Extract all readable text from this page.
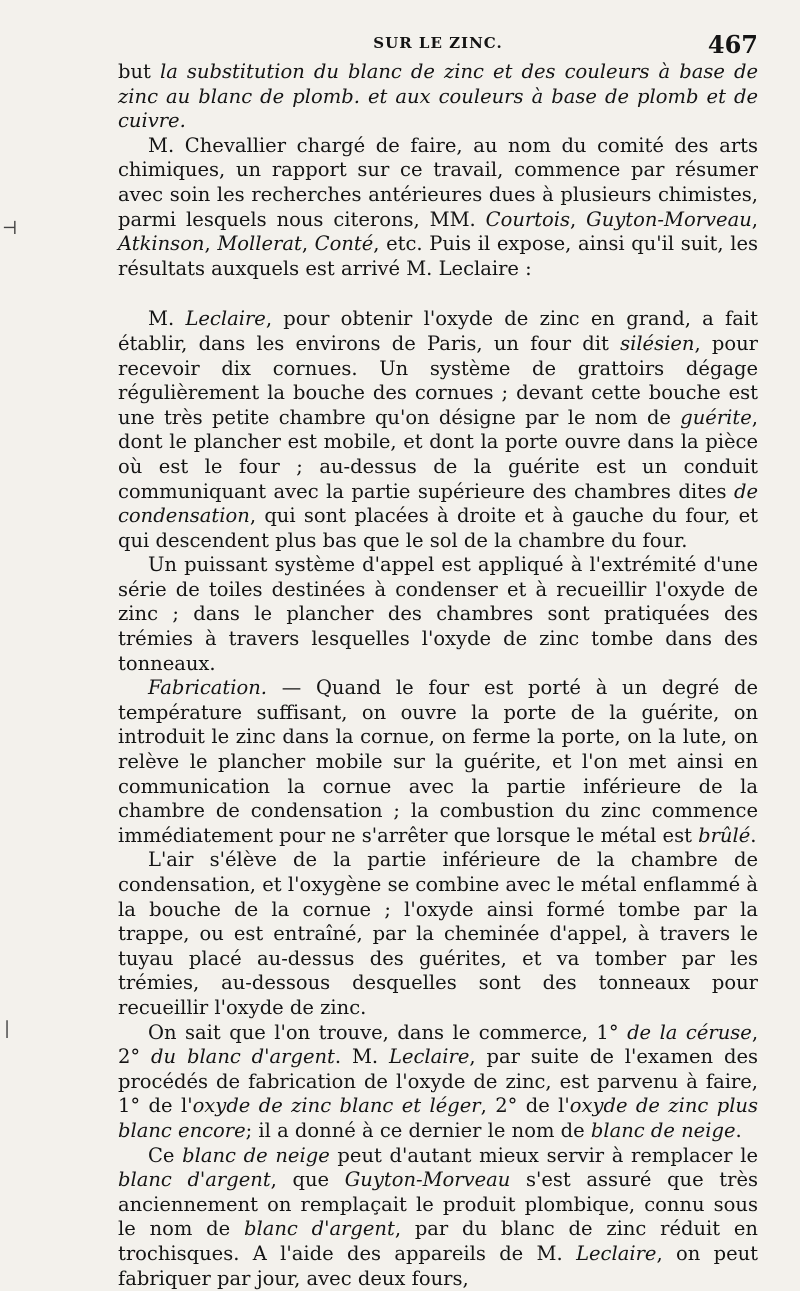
SUR LE ZINC.	467

but la substitution du blanc de zinc et des couleurs à base de zinc au blanc de plomb. et aux couleurs à base de plomb et de cuivre.

M. Chevallier chargé de faire, au nom du comité des arts chimiques, un rapport sur ce travail, commence par résumer avec soin les recherches antérieures dues à plusieurs chimistes, parmi lesquels nous citerons, MM. Courtois, Guyton-Morveau, Atkinson, Mollerat, Conté, etc. Puis il expose, ainsi qu'il suit, les résultats auxquels est arrivé M. Leclaire :

M. Leclaire, pour obtenir l'oxyde de zinc en grand, a fait établir, dans les environs de Paris, un four dit silésien, pour recevoir dix cornues. Un système de grattoirs dégage régulièrement la bouche des cornues ; devant cette bouche est une très petite chambre qu'on désigne par le nom de guérite, dont le plancher est mobile, et dont la porte ouvre dans la pièce où est le four ; au-dessus de la guérite est un conduit communiquant avec la partie supérieure des chambres dites de condensation, qui sont placées à droite et à gauche du four, et qui descendent plus bas que le sol de la chambre du four.

Un puissant système d'appel est appliqué à l'extrémité d'une série de toiles destinées à condenser et à recueillir l'oxyde de zinc ; dans le plancher des chambres sont pratiquées des trémies à travers lesquelles l'oxyde de zinc tombe dans des tonneaux.

Fabrication. — Quand le four est porté à un degré de température suffisant, on ouvre la porte de la guérite, on introduit le zinc dans la cornue, on ferme la porte, on la lute, on relève le plancher mobile sur la guérite, et l'on met ainsi en communication la cornue avec la partie inférieure de la chambre de condensation ; la combustion du zinc commence immédiatement pour ne s'arrêter que lorsque le métal est brûlé.

L'air s'élève de la partie inférieure de la chambre de condensation, et l'oxygène se combine avec le métal enflammé à la bouche de la cornue ; l'oxyde ainsi formé tombe par la trappe, ou est entraîné, par la cheminée d'appel, à travers le tuyau placé au-dessus des guérites, et va tomber par les trémies, au-dessous desquelles sont des tonneaux pour recueillir l'oxyde de zinc.

On sait que l'on trouve, dans le commerce, 1° de la céruse, 2° du blanc d'argent. M. Leclaire, par suite de l'examen des procédés de fabrication de l'oxyde de zinc, est parvenu à faire, 1° de l'oxyde de zinc blanc et léger, 2° de l'oxyde de zinc plus blanc encore; il a donné à ce dernier le nom de blanc de neige.

Ce blanc de neige peut d'autant mieux servir à remplacer le blanc d'argent, que Guyton-Morveau s'est assuré que très anciennement on remplaçait le produit plombique, connu sous le nom de blanc d'argent, par du blanc de zinc réduit en trochisques. A l'aide des appareils de M. Leclaire, on peut fabriquer par jour, avec deux fours,

⊣
|
